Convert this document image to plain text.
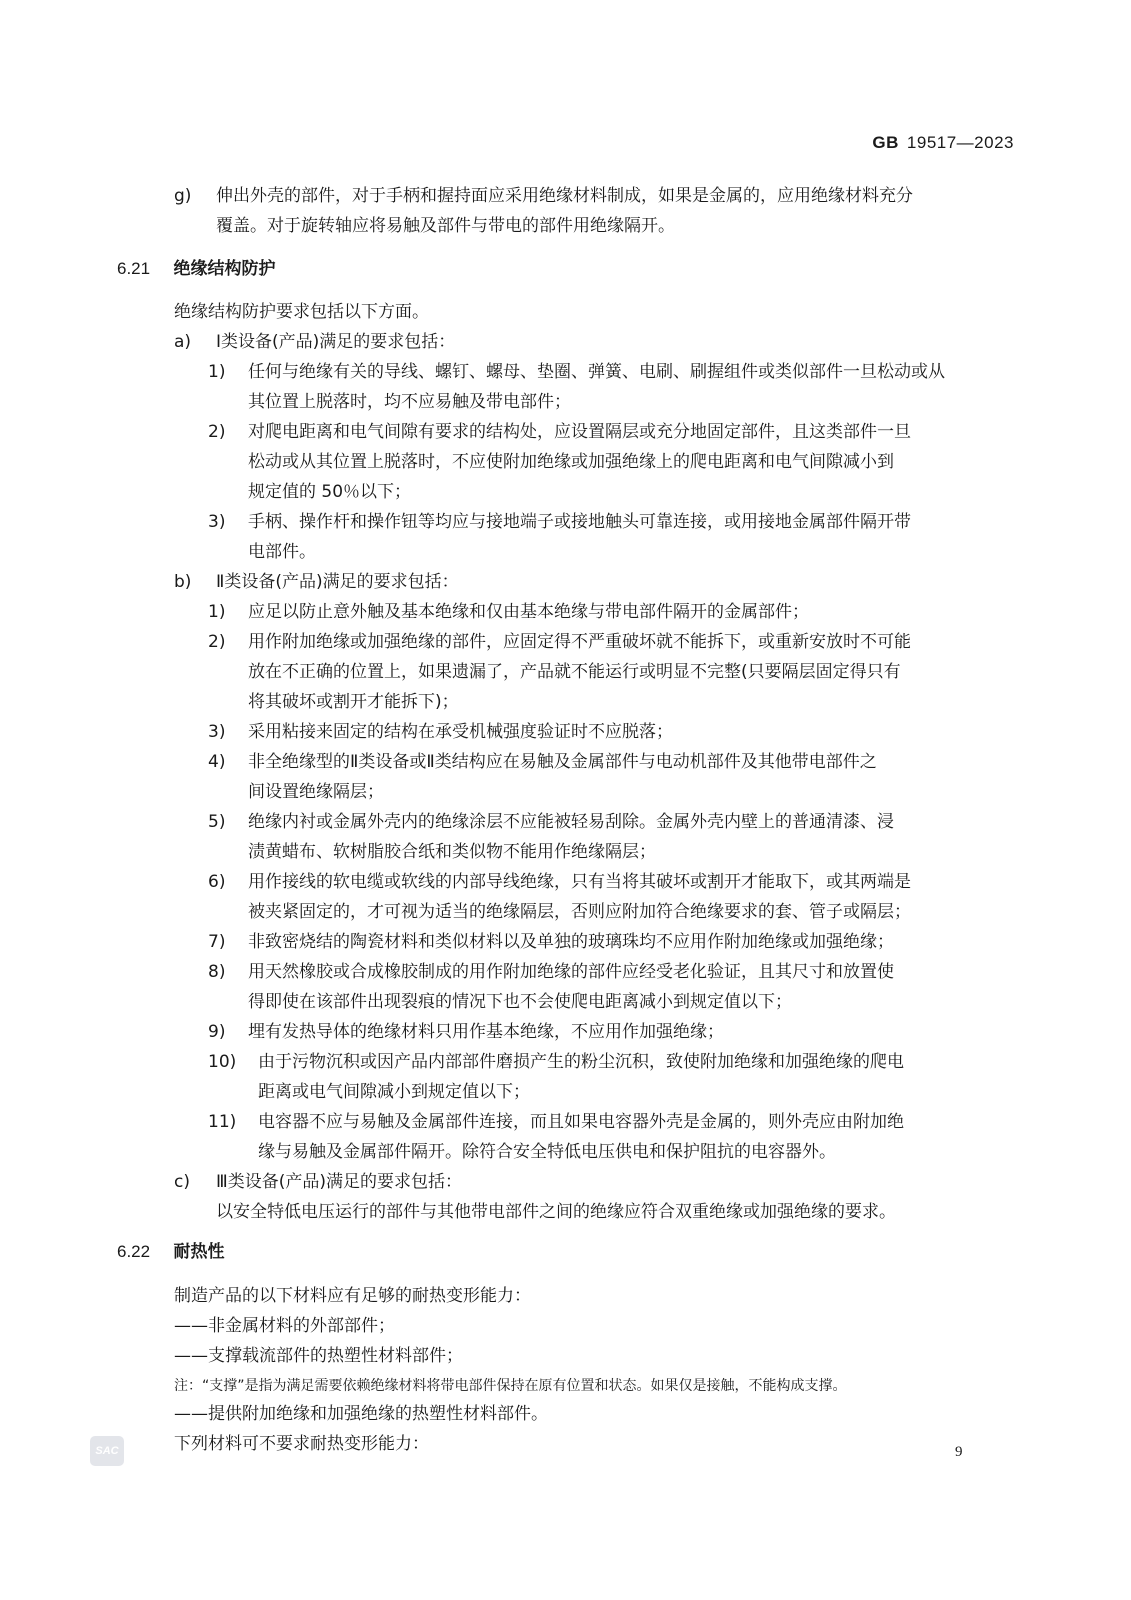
GB 19517—2023
g) 伸出外壳的部件，对于手柄和握持面应采用绝缘材料制成，如果是金属的，应用绝缘材料充分
覆盖。对于旋转轴应将易触及部件与带电的部件用绝缘隔开。
6.21 绝缘结构防护
绝缘结构防护要求包括以下方面。
a) Ⅰ类设备(产品)满足的要求包括：
1) 任何与绝缘有关的导线、螺钉、螺母、垫圈、弹簧、电刷、刷握组件或类似部件一旦松动或从
其位置上脱落时，均不应易触及带电部件；
2) 对爬电距离和电气间隙有要求的结构处，应设置隔层或充分地固定部件，且这类部件一旦
松动或从其位置上脱落时，不应使附加绝缘或加强绝缘上的爬电距离和电气间隙减小到
规定值的 50％以下；
3) 手柄、操作杆和操作钮等均应与接地端子或接地触头可靠连接，或用接地金属部件隔开带
电部件。
b) Ⅱ类设备(产品)满足的要求包括：
1) 应足以防止意外触及基本绝缘和仅由基本绝缘与带电部件隔开的金属部件；
2) 用作附加绝缘或加强绝缘的部件，应固定得不严重破坏就不能拆下，或重新安放时不可能
放在不正确的位置上，如果遗漏了，产品就不能运行或明显不完整(只要隔层固定得只有
将其破坏或割开才能拆下)；
3) 采用粘接来固定的结构在承受机械强度验证时不应脱落；
4) 非全绝缘型的Ⅱ类设备或Ⅱ类结构应在易触及金属部件与电动机部件及其他带电部件之
间设置绝缘隔层；
5) 绝缘内衬或金属外壳内的绝缘涂层不应能被轻易刮除。金属外壳内壁上的普通清漆、浸
渍黄蜡布、软树脂胶合纸和类似物不能用作绝缘隔层；
6) 用作接线的软电缆或软线的内部导线绝缘，只有当将其破坏或割开才能取下，或其两端是
被夹紧固定的，才可视为适当的绝缘隔层，否则应附加符合绝缘要求的套、管子或隔层；
7) 非致密烧结的陶瓷材料和类似材料以及单独的玻璃珠均不应用作附加绝缘或加强绝缘；
8) 用天然橡胶或合成橡胶制成的用作附加绝缘的部件应经受老化验证，且其尺寸和放置使
得即使在该部件出现裂痕的情况下也不会使爬电距离减小到规定值以下；
9) 埋有发热导体的绝缘材料只用作基本绝缘，不应用作加强绝缘；
10) 由于污物沉积或因产品内部部件磨损产生的粉尘沉积，致使附加绝缘和加强绝缘的爬电
距离或电气间隙减小到规定值以下；
11) 电容器不应与易触及金属部件连接，而且如果电容器外壳是金属的，则外壳应由附加绝
缘与易触及金属部件隔开。除符合安全特低电压供电和保护阻抗的电容器外。
c) Ⅲ类设备(产品)满足的要求包括：
以安全特低电压运行的部件与其他带电部件之间的绝缘应符合双重绝缘或加强绝缘的要求。
6.22 耐热性
制造产品的以下材料应有足够的耐热变形能力：
——非金属材料的外部部件；
——支撑载流部件的热塑性材料部件；
注：“支撑”是指为满足需要依赖绝缘材料将带电部件保持在原有位置和状态。如果仅是接触，不能构成支撑。
——提供附加绝缘和加强绝缘的热塑性材料部件。
下列材料可不要求耐热变形能力：
SAC	9
